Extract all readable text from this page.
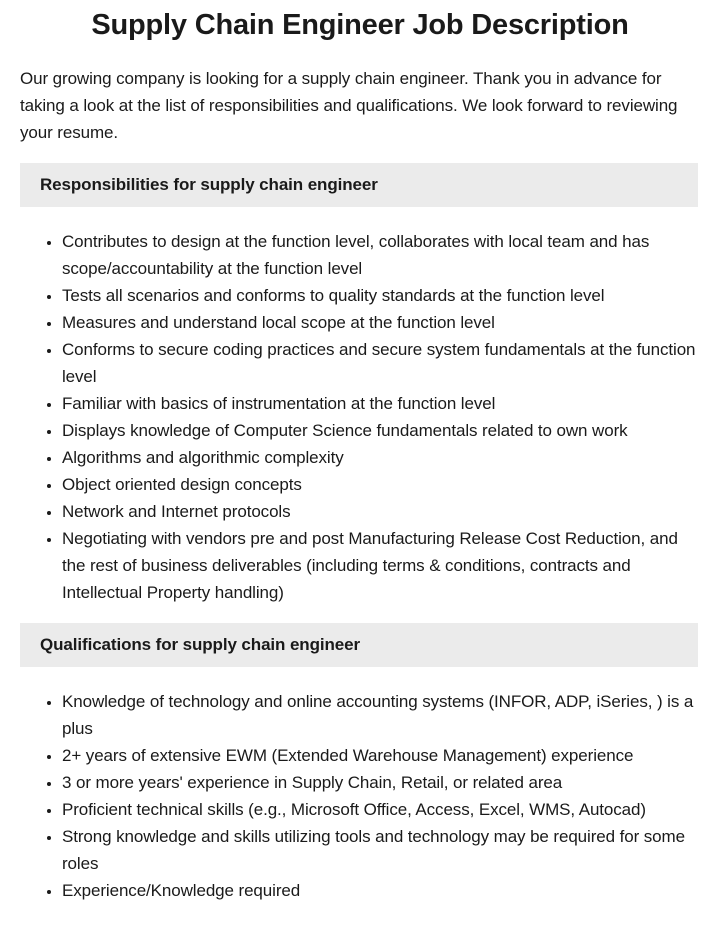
Supply Chain Engineer Job Description

Our growing company is looking for a supply chain engineer. Thank you in advance for taking a look at the list of responsibilities and qualifications. We look forward to reviewing your resume.

Responsibilities for supply chain engineer
• Contributes to design at the function level, collaborates with local team and has scope/accountability at the function level
• Tests all scenarios and conforms to quality standards at the function level
• Measures and understand local scope at the function level
• Conforms to secure coding practices and secure system fundamentals at the function level
• Familiar with basics of instrumentation at the function level
• Displays knowledge of Computer Science fundamentals related to own work
• Algorithms and algorithmic complexity
• Object oriented design concepts
• Network and Internet protocols
• Negotiating with vendors pre and post Manufacturing Release Cost Reduction, and the rest of business deliverables (including terms & conditions, contracts and Intellectual Property handling)
Qualifications for supply chain engineer
• Knowledge of technology and online accounting systems (INFOR, ADP, iSeries, ) is a plus
• 2+ years of extensive EWM (Extended Warehouse Management) experience
• 3 or more years' experience in Supply Chain, Retail, or related area
• Proficient technical skills (e.g., Microsoft Office, Access, Excel, WMS, Autocad)
• Strong knowledge and skills utilizing tools and technology may be required for some roles
• Experience/Knowledge required
